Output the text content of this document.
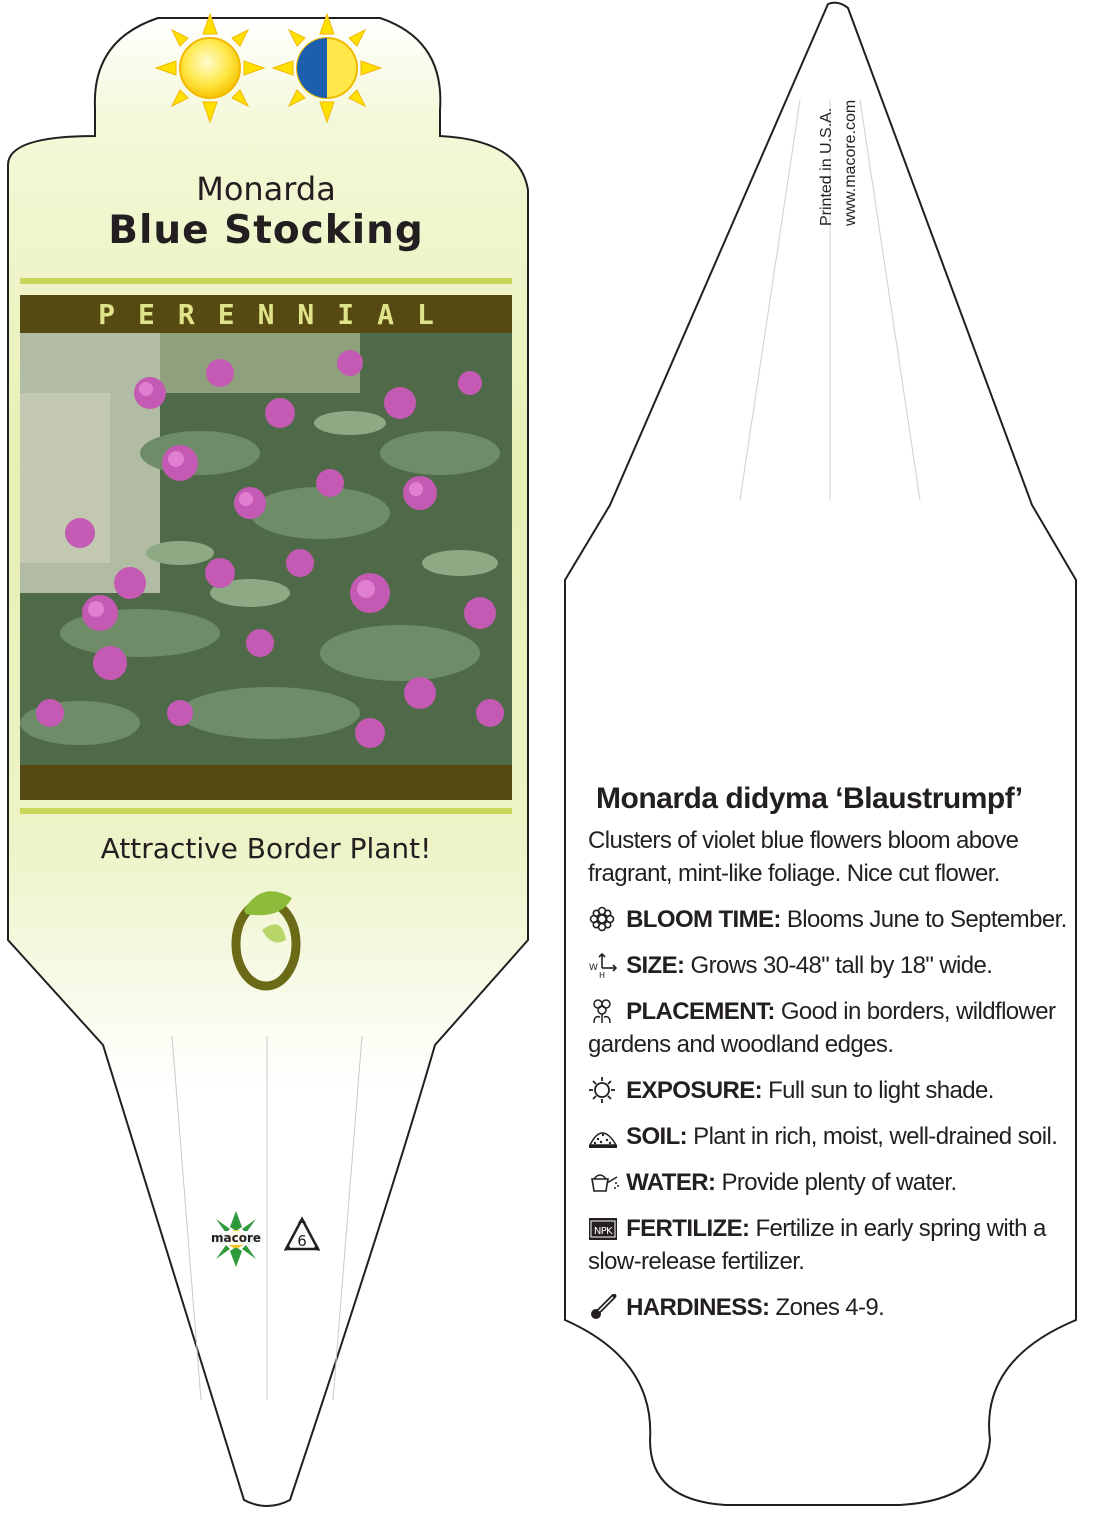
Monarda
Blue Stocking
PERENNIAL
Attractive Border Plant!
macore 6
Printed in U.S.A. www.macore.com
Monarda didyma ‘Blaustrumpf’
Clusters of violet blue flowers bloom above fragrant, mint-like foliage. Nice cut flower.
BLOOM TIME: Blooms June to September.
W
H SIZE: Grows 30-48" tall by 18" wide.
PLACEMENT: Good in borders, wildflower gardens and woodland edges.
EXPOSURE: Full sun to light shade.
SOIL: Plant in rich, moist, well-drained soil.
WATER: Provide plenty of water.
NPK FERTILIZE: Fertilize in early spring with a slow-release fertilizer.
HARDINESS: Zones 4-9.
